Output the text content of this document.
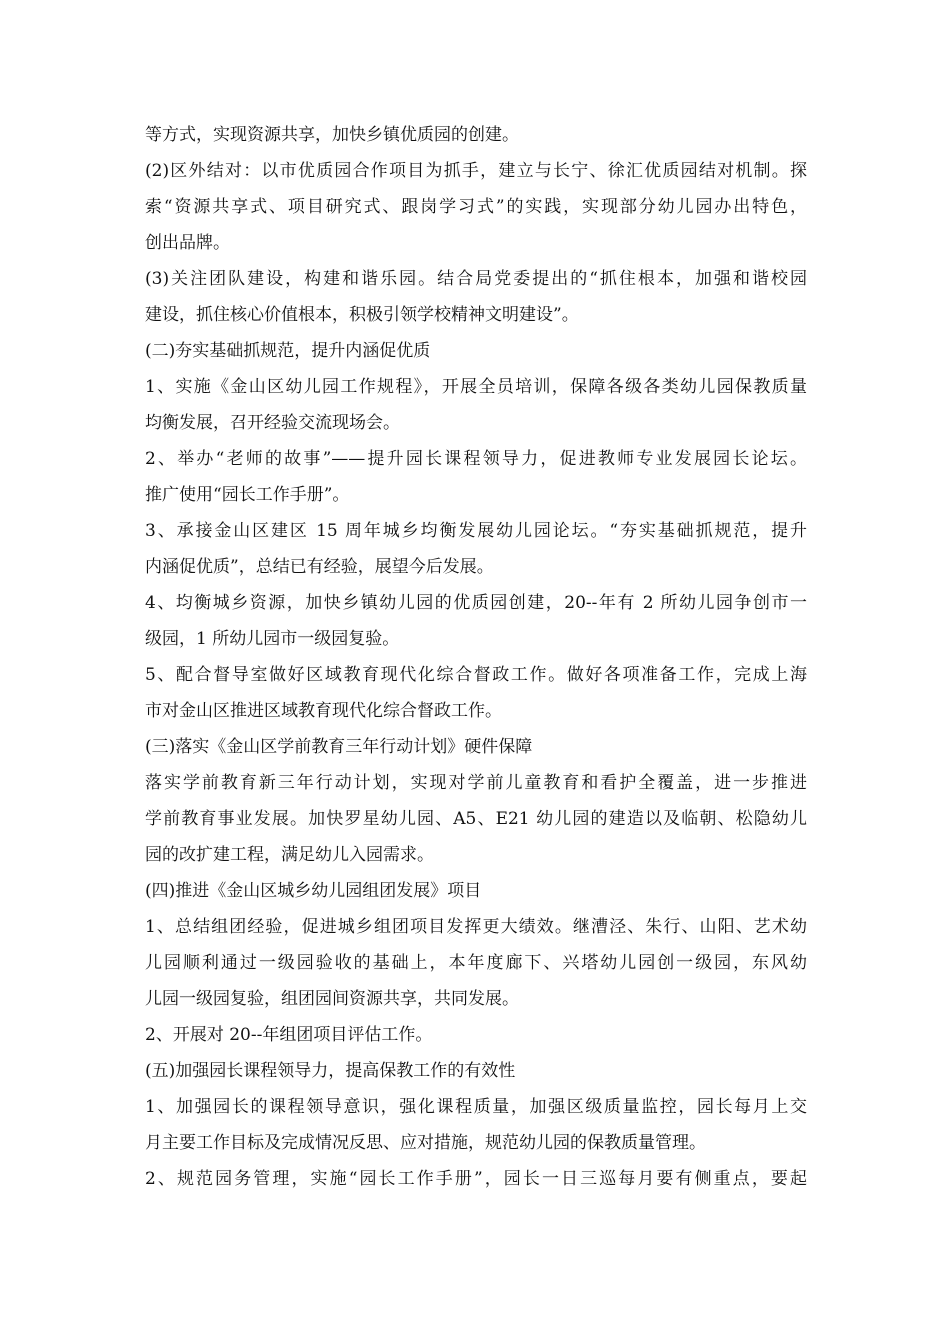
等方式，实现资源共享，加快乡镇优质园的创建。
(2)区外结对：以市优质园合作项目为抓手，建立与长宁、徐汇优质园结对机制。探
索“资源共享式、项目研究式、跟岗学习式”的实践，实现部分幼儿园办出特色，
创出品牌。
(3)关注团队建设，构建和谐乐园。结合局党委提出的“抓住根本，加强和谐校园
建设，抓住核心价值根本，积极引领学校精神文明建设”。
(二)夯实基础抓规范，提升内涵促优质
1、实施《金山区幼儿园工作规程》，开展全员培训，保障各级各类幼儿园保教质量
均衡发展，召开经验交流现场会。
2、举办“老师的故事”——提升园长课程领导力，促进教师专业发展园长论坛。
推广使用“园长工作手册”。
3、承接金山区建区 15 周年城乡均衡发展幼儿园论坛。“夯实基础抓规范，提升
内涵促优质”，总结已有经验，展望今后发展。
4、均衡城乡资源，加快乡镇幼儿园的优质园创建，20--年有 2 所幼儿园争创市一
级园，1 所幼儿园市一级园复验。
5、配合督导室做好区域教育现代化综合督政工作。做好各项准备工作，完成上海
市对金山区推进区域教育现代化综合督政工作。
(三)落实《金山区学前教育三年行动计划》硬件保障
落实学前教育新三年行动计划，实现对学前儿童教育和看护全覆盖，进一步推进
学前教育事业发展。加快罗星幼儿园、A5、E21 幼儿园的建造以及临朝、松隐幼儿
园的改扩建工程，满足幼儿入园需求。
(四)推进《金山区城乡幼儿园组团发展》项目
1、总结组团经验，促进城乡组团项目发挥更大绩效。继漕泾、朱行、山阳、艺术幼
儿园顺利通过一级园验收的基础上，本年度廊下、兴塔幼儿园创一级园，东风幼
儿园一级园复验，组团园间资源共享，共同发展。
2、开展对 20--年组团项目评估工作。
(五)加强园长课程领导力，提高保教工作的有效性
1、加强园长的课程领导意识，强化课程质量，加强区级质量监控，园长每月上交
月主要工作目标及完成情况反思、应对措施，规范幼儿园的保教质量管理。
2、规范园务管理，实施“园长工作手册”，园长一日三巡每月要有侧重点，要起
